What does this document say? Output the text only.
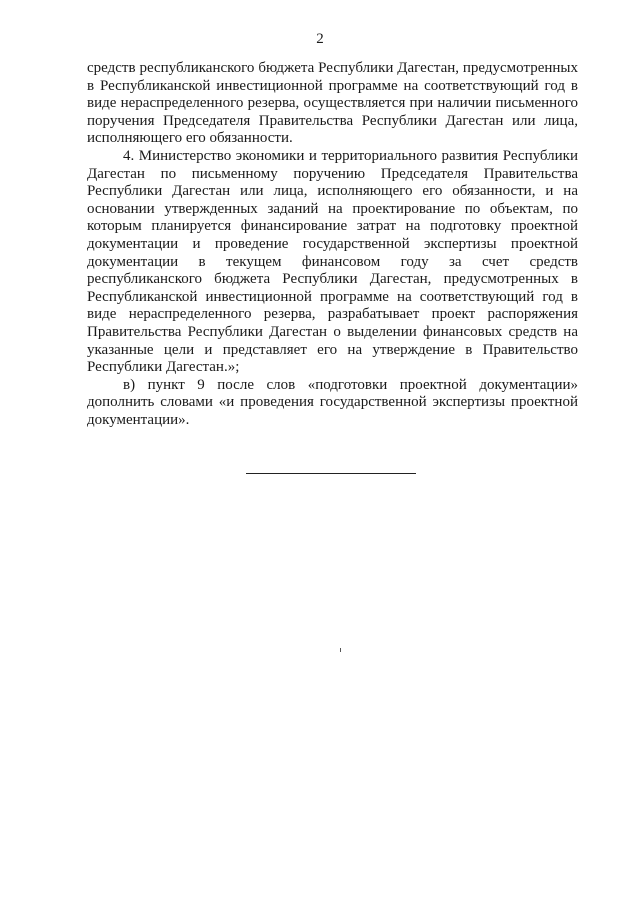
2

средств республиканского бюджета Республики Дагестан, предусмотренных в Республиканской инвестиционной программе на соответствующий год в виде нераспределенного резерва, осуществляется при наличии письменного поручения Председателя Правительства Республики Дагестан или лица, исполняющего его обязанности.

4. Министерство экономики и территориального развития Республики Дагестан по письменному поручению Председателя Правительства Республики Дагестан или лица, исполняющего его обязанности, и на основании утвержденных заданий на проектирование по объектам, по которым планируется финансирование затрат на подготовку проектной документации и проведение государственной экспертизы проектной документации в текущем финансовом году за счет средств республиканского бюджета Республики Дагестан, предусмотренных в Республиканской инвестиционной программе на соответствующий год в виде нераспределенного резерва, разрабатывает проект распоряжения Правительства Республики Дагестан о выделении финансовых средств на указанные цели и представляет его на утверждение в Правительство Республики Дагестан.»;

в) пункт 9 после слов «подготовки проектной документации» дополнить словами «и проведения государственной экспертизы проектной документации».
